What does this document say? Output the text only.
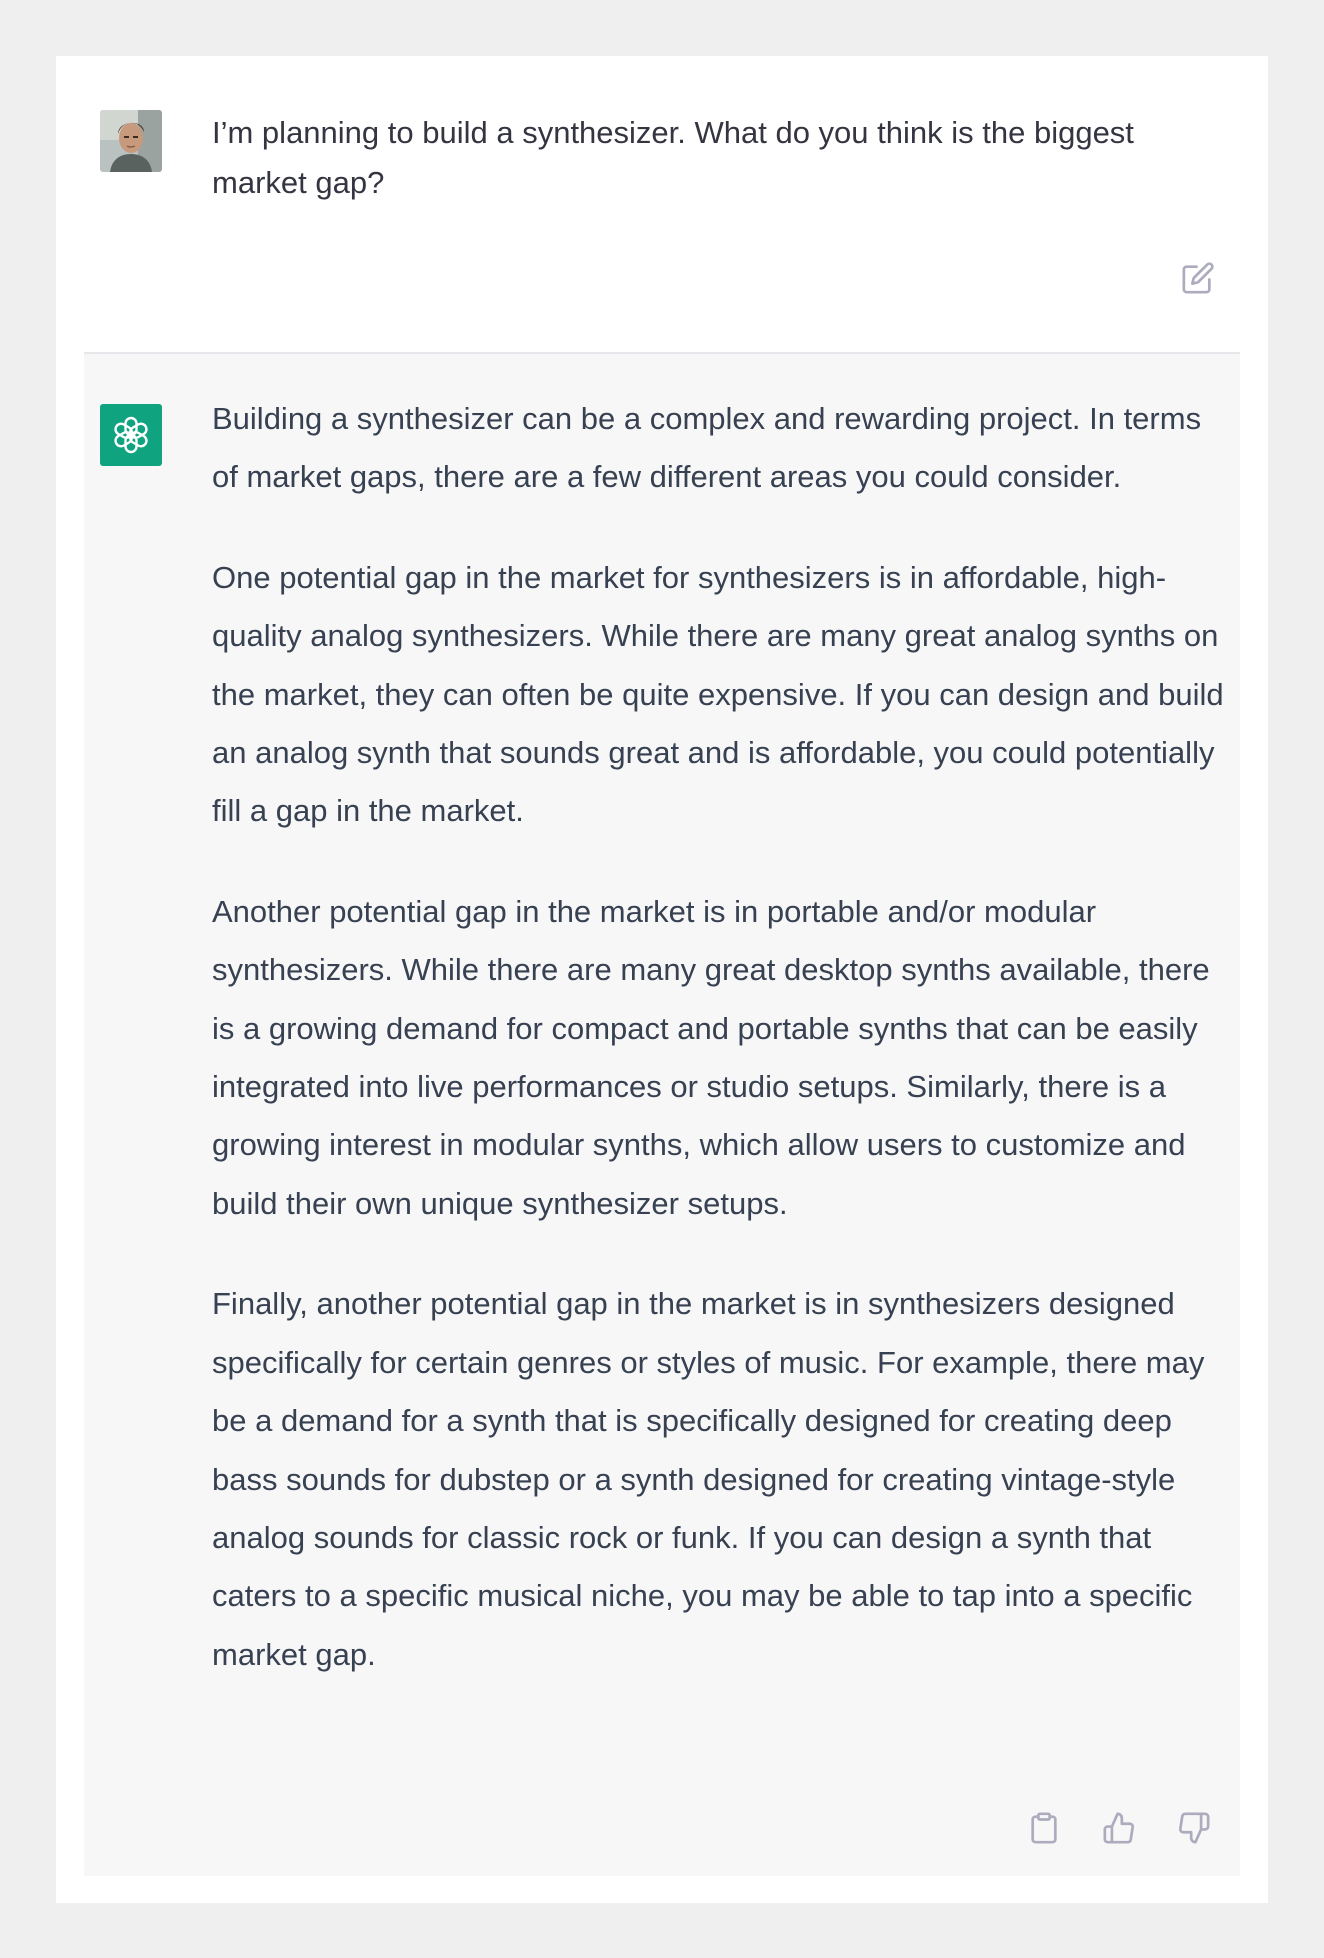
I’m planning to build a synthesizer. What do you think is the biggest market gap?

Building a synthesizer can be a complex and rewarding project. In terms of market gaps, there are a few different areas you could consider.

One potential gap in the market for synthesizers is in affordable, high-quality analog synthesizers. While there are many great analog synths on the market, they can often be quite expensive. If you can design and build an analog synth that sounds great and is affordable, you could potentially fill a gap in the market.

Another potential gap in the market is in portable and/or modular synthesizers. While there are many great desktop synths available, there is a growing demand for compact and portable synths that can be easily integrated into live performances or studio setups. Similarly, there is a growing interest in modular synths, which allow users to customize and build their own unique synthesizer setups.

Finally, another potential gap in the market is in synthesizers designed specifically for certain genres or styles of music. For example, there may be a demand for a synth that is specifically designed for creating deep bass sounds for dubstep or a synth designed for creating vintage-style analog sounds for classic rock or funk. If you can design a synth that caters to a specific musical niche, you may be able to tap into a specific market gap.
